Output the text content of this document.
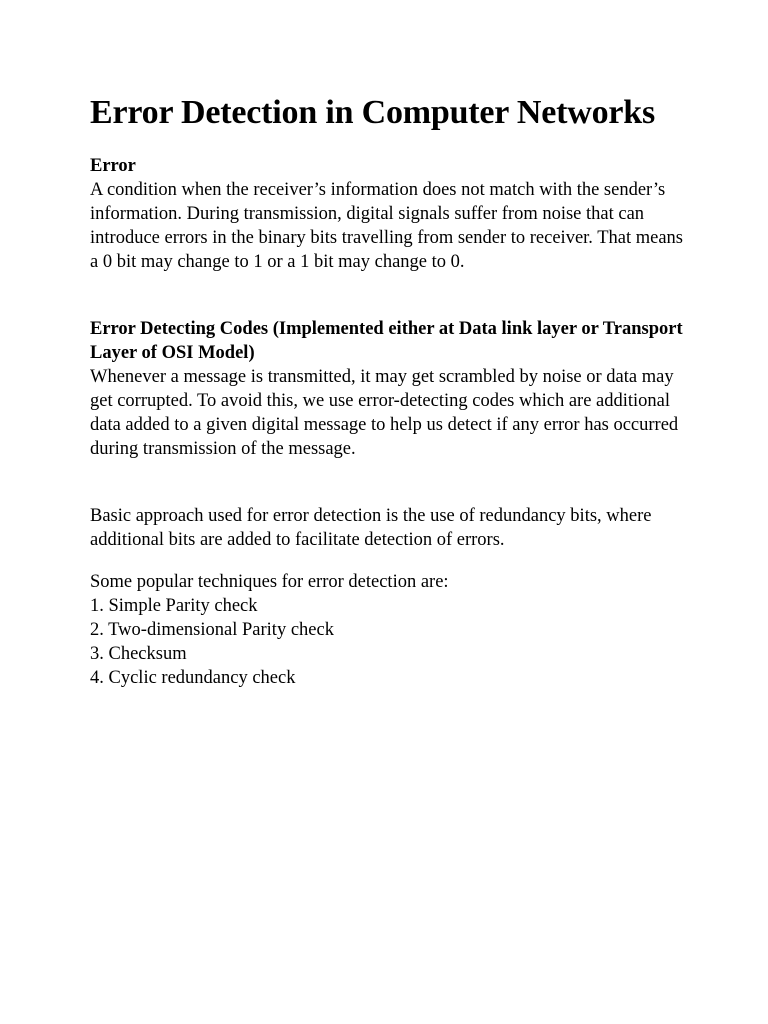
Error Detection in Computer Networks

Error

A condition when the receiver’s information does not match with the sender’s information. During transmission, digital signals suffer from noise that can introduce errors in the binary bits travelling from sender to receiver. That means a 0 bit may change to 1 or a 1 bit may change to 0.

Error Detecting Codes (Implemented either at Data link layer or Transport Layer of OSI Model)

Whenever a message is transmitted, it may get scrambled by noise or data may get corrupted. To avoid this, we use error-detecting codes which are additional data added to a given digital message to help us detect if any error has occurred during transmission of the message.

Basic approach used for error detection is the use of redundancy bits, where additional bits are added to facilitate detection of errors.

Some popular techniques for error detection are:

1. Simple Parity check
2. Two-dimensional Parity check
3. Checksum
4. Cyclic redundancy check
